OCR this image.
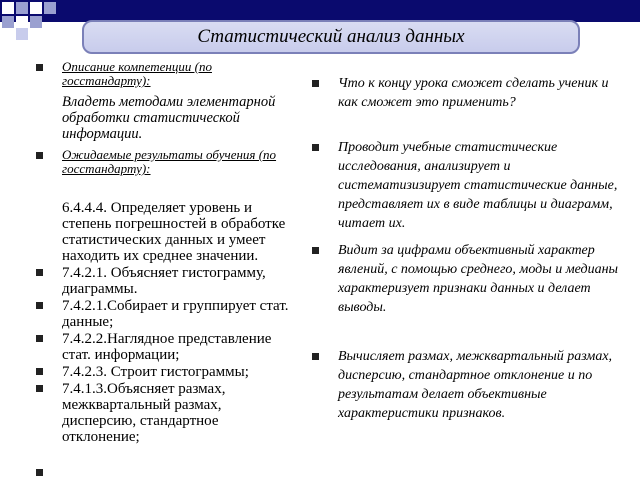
Статистический анализ данных
Описание компетенции (по госстандарту):
Владеть методами элементарной обработки статистической информации.
Ожидаемые результаты обучения (по госстандарту):
6.4.4.4. Определяет уровень и степень погрешностей в обработке статистических данных и умеет находить их среднее значении.
7.4.2.1. Объясняет гистограмму, диаграммы.
7.4.2.1.Собирает и группирует стат. данные;
7.4.2.2.Наглядное представление стат. информации;
7.4.2.3. Строит гистограммы;
7.4.1.3.Объясняет размах, межквартальный размах, дисперсию, стандартное отклонение;
Что к концу урока сможет сделать ученик и как сможет это применить?
Проводит учебные статистические исследования, анализирует и систематизизирует статистические данные, представляет их в виде таблицы и диаграмм, читает их.
Видит за цифрами объективный характер явлений, с помощью среднего, моды и медианы характеризует признаки данных и делает выводы.
Вычисляет размах, межквартальный размах, дисперсию, стандартное отклонение и по результатам делает объективные характеристики признаков.
